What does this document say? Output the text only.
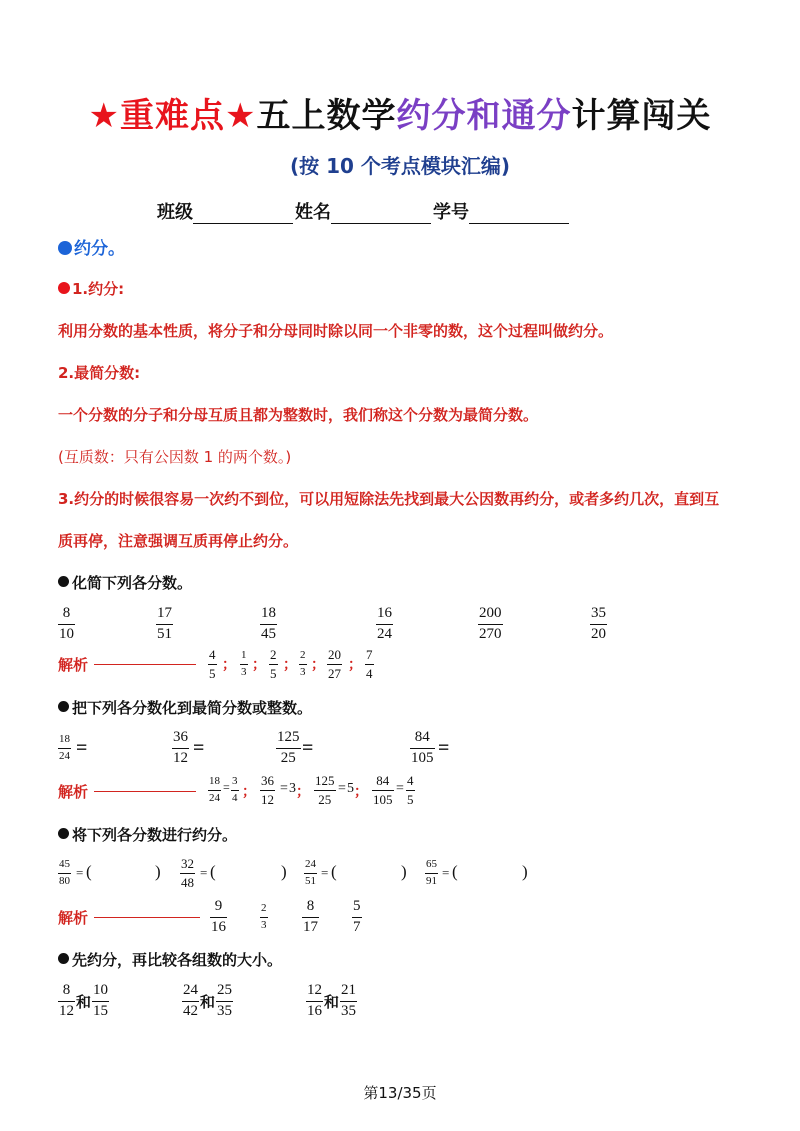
★重难点★五上数学约分和通分计算闯关
(按 10 个考点模块汇编)
班级	姓名	学号
约分。
1.约分:
利用分数的基本性质，将分子和分母同时除以同一个非零的数，这个过程叫做约分。
2.最简分数:
一个分数的分子和分母互质且都为整数时，我们称这个分数为最简分数。
(互质数：只有公因数 1 的两个数。)
3.约分的时候很容易一次约不到位，可以用短除法先找到最大公因数再约分，或者多约几次，直到互
质再停，注意强调互质再停止约分。
化简下列各分数。
8
10
17
51
18
45
16
24
200
270
35
20
解析
4
5
；
1
3 ；
2
5
；
2
3 ；
20
27
；
7
4
把下列各分数化到最简分数或整数。
18
24 =	36
12 =	125
25 =	84
105 =
解析
18
24
= 3
4 ；
36
12
= 3 ；
125
25
= 5 ；
84
105
=
4
5
将下列各分数进行约分。
45
80
= (	) 32
48
= (	) 24
51
= (	) 65
91
= (	)
解析
9
16
2
3
8
17
5
7
先约分，再比较各组数的大小。
8
12 和
10
15
24
42 和
25
35
12
16 和
21
35
第13/35页
